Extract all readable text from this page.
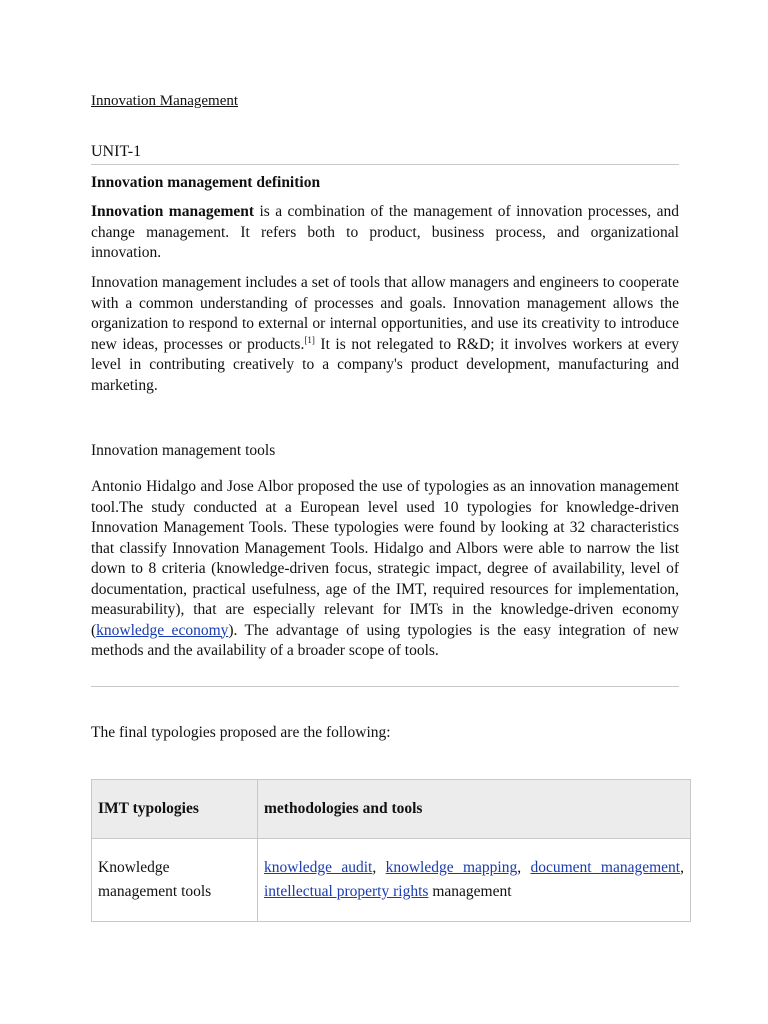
Innovation Management
UNIT-1
Innovation management definition
Innovation management is a combination of the management of innovation processes, and change management. It refers both to product, business process, and organizational innovation.
Innovation management includes a set of tools that allow managers and engineers to cooperate with a common understanding of processes and goals. Innovation management allows the organization to respond to external or internal opportunities, and use its creativity to introduce new ideas, processes or products.[1] It is not relegated to R&D; it involves workers at every level in contributing creatively to a company's product development, manufacturing and marketing.
Innovation management tools
Antonio Hidalgo and Jose Albor proposed the use of typologies as an innovation management tool.The study conducted at a European level used 10 typologies for knowledge-driven Innovation Management Tools. These typologies were found by looking at 32 characteristics that classify Innovation Management Tools. Hidalgo and Albors were able to narrow the list down to 8 criteria (knowledge-driven focus, strategic impact, degree of availability, level of documentation, practical usefulness, age of the IMT, required resources for implementation, measurability), that are especially relevant for IMTs in the knowledge-driven economy (knowledge economy). The advantage of using typologies is the easy integration of new methods and the availability of a broader scope of tools.
The final typologies proposed are the following:
IMT typologies	methodologies and tools
Knowledge management tools	knowledge audit, knowledge mapping, document management, intellectual property rights management
